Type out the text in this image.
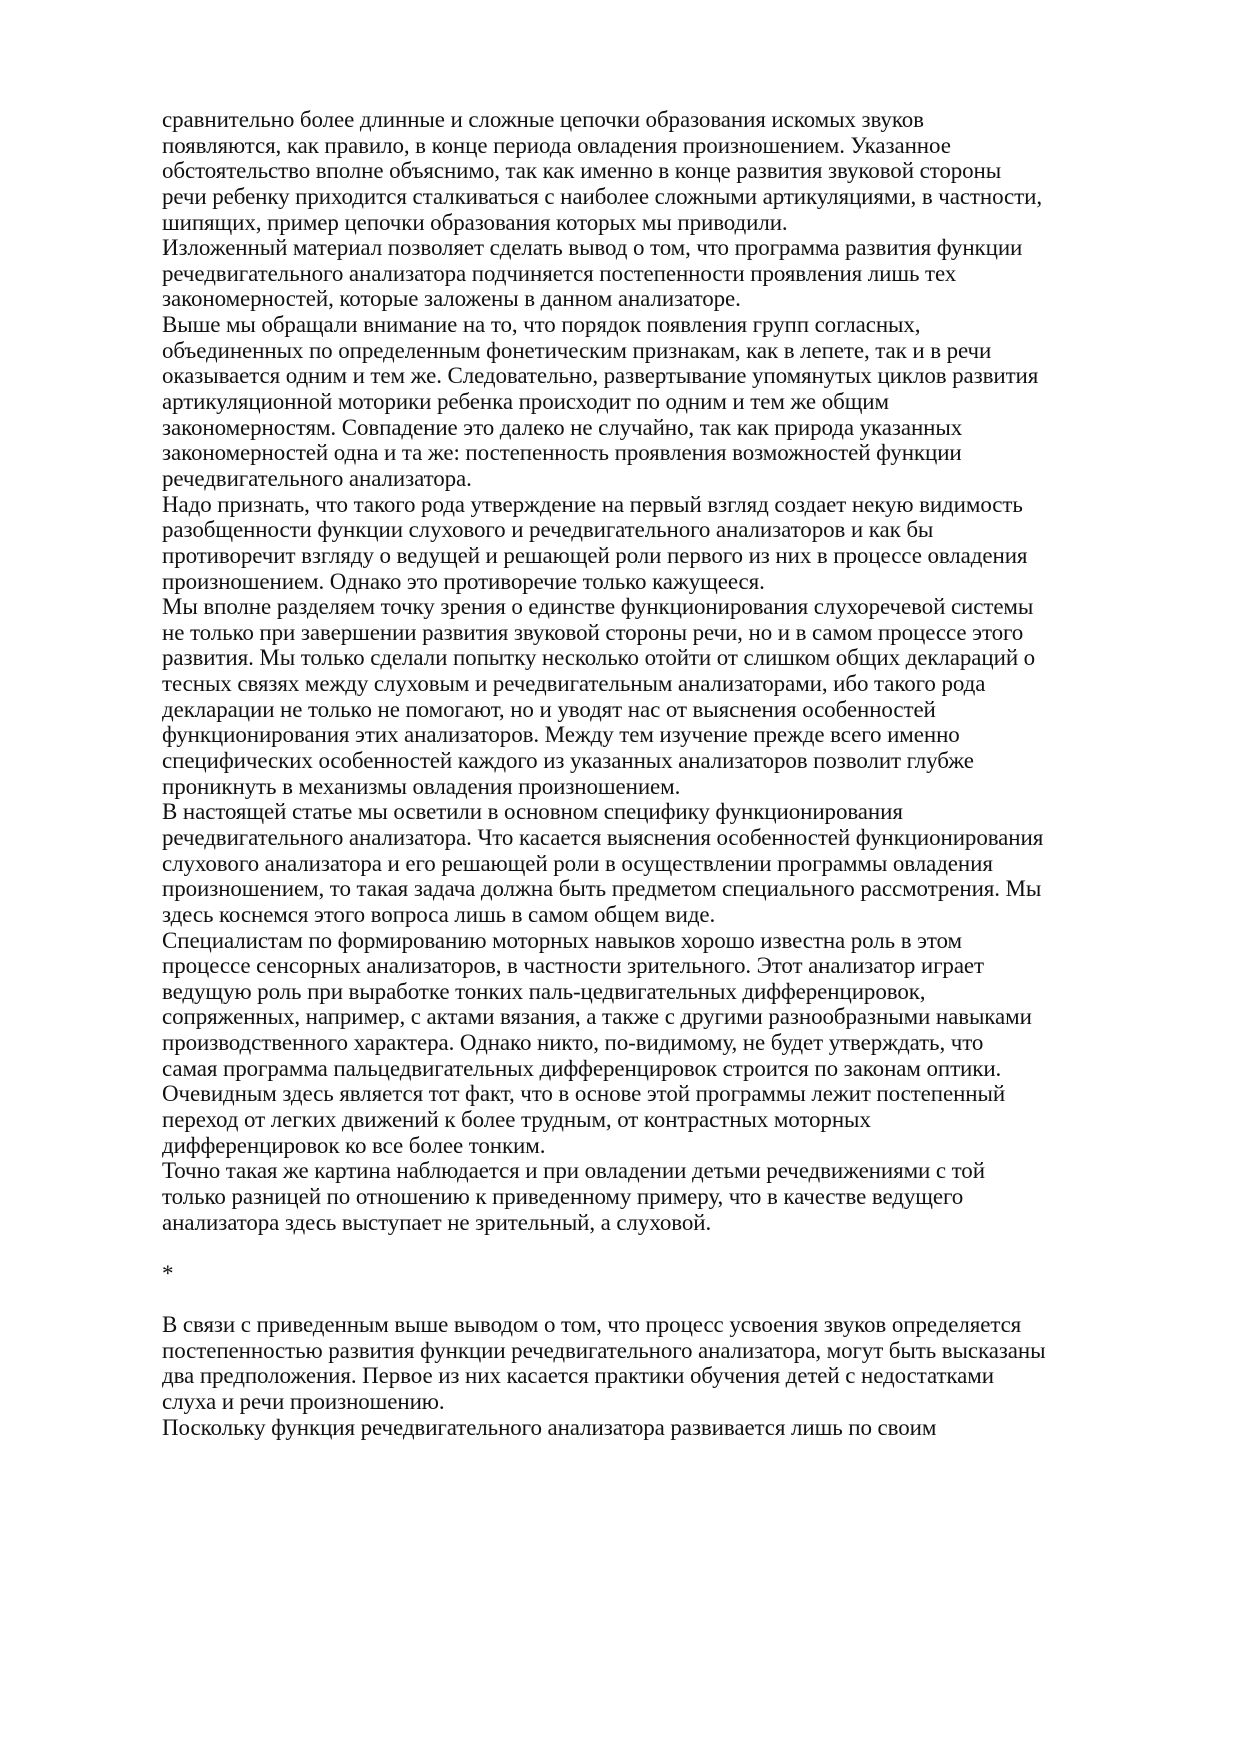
сравнительно более длинные и сложные цепочки образования искомых звуков
появляются, как правило, в конце периода овладения произношением. Указанное
обстоятельство вполне объяснимо, так как именно в конце развития звуковой стороны
речи ребенку приходится сталкиваться с наиболее сложными артикуляциями, в частности,
шипящих, пример цепочки образования которых мы приводили.
Изложенный материал позволяет сделать вывод о том, что программа развития функции
речедвигательного анализатора подчиняется постепенности проявления лишь тех
закономерностей, которые заложены в данном анализаторе.
Выше мы обращали внимание на то, что порядок появления групп согласных,
объединенных по определенным фонетическим признакам, как в лепете, так и в речи
оказывается одним и тем же. Следовательно, развертывание упомянутых циклов развития
артикуляционной моторики ребенка происходит по одним и тем же общим
закономерностям. Совпадение это далеко не случайно, так как природа указанных
закономерностей одна и та же: постепенность проявления возможностей функции
речедвигательного анализатора.
Надо признать, что такого рода утверждение на первый взгляд создает некую видимость
разобщенности функции слухового и речедвигательного анализаторов и как бы
противоречит взгляду о ведущей и решающей роли первого из них в процессе овладения
произношением. Однако это противоречие только кажущееся.
Мы вполне разделяем точку зрения о единстве функционирования слухоречевой системы
не только при завершении развития звуковой стороны речи, но и в самом процессе этого
развития. Мы только сделали попытку несколько отойти от слишком общих деклараций о
тесных связях между слуховым и речедвигательным анализаторами, ибо такого рода
декларации не только не помогают, но и уводят нас от выяснения особенностей
функционирования этих анализаторов. Между тем изучение прежде всего именно
специфических особенностей каждого из указанных анализаторов позволит глубже
проникнуть в механизмы овладения произношением.
В настоящей статье мы осветили в основном специфику функционирования
речедвигательного анализатора. Что касается выяснения особенностей функционирования
слухового анализатора и его решающей роли в осуществлении программы овладения
произношением, то такая задача должна быть предметом специального рассмотрения. Мы
здесь коснемся этого вопроса лишь в самом общем виде.
Специалистам по формированию моторных навыков хорошо известна роль в этом
процессе сенсорных анализаторов, в частности зрительного. Этот анализатор играет
ведущую роль при выработке тонких паль-цедвигательных дифференцировок,
сопряженных, например, с актами вязания, а также с другими разнообразными навыками
производственного характера. Однако никто, по-видимому, не будет утверждать, что
самая программа пальцедвигательных дифференцировок строится по законам оптики.
Очевидным здесь является тот факт, что в основе этой программы лежит постепенный
переход от легких движений к более трудным, от контрастных моторных
дифференцировок ко все более тонким.
Точно такая же картина наблюдается и при овладении детьми речедвижениями с той
только разницей по отношению к приведенному примеру, что в качестве ведущего
анализатора здесь выступает не зрительный, а слуховой.
*
В связи с приведенным выше выводом о том, что процесс усвоения звуков определяется
постепенностью развития функции речедвигательного анализатора, могут быть высказаны
два предположения. Первое из них касается практики обучения детей с недостатками
слуха и речи произношению.
Поскольку функция речедвигательного анализатора развивается лишь по своим
